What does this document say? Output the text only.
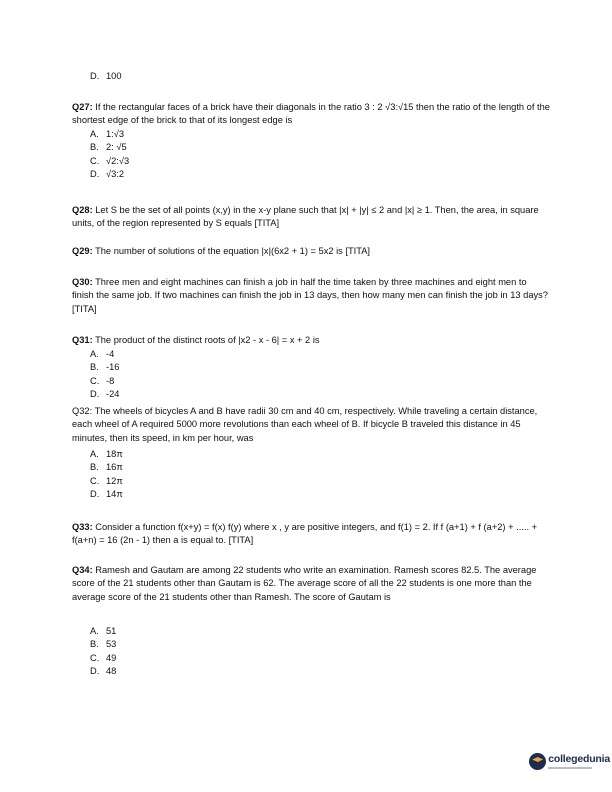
D. 100

Q27: If the rectangular faces of a brick have their diagonals in the ratio 3 : 2 √3:√15 then the ratio of the length of the shortest edge of the brick to that of its longest edge is

A. 1:√3
B. 2: √5
C. √2:√3
D. √3:2

Q28: Let S be the set of all points (x,y) in the x-y plane such that |x| + |y| ≤ 2 and |x| ≥ 1. Then, the area, in square units, of the region represented by S equals [TITA]

Q29: The number of solutions of the equation |x|(6x2 + 1) = 5x2 is [TITA]

Q30: Three men and eight machines can finish a job in half the time taken by three machines and eight men to finish the same job. If two machines can finish the job in 13 days, then how many men can finish the job in 13 days? [TITA]

Q31: The product of the distinct roots of |x2 - x - 6| = x + 2 is

A. -4
B. -16
C. -8
D. -24

Q32: The wheels of bicycles A and B have radii 30 cm and 40 cm, respectively. While traveling a certain distance, each wheel of A required 5000 more revolutions than each wheel of B. If bicycle B traveled this distance in 45 minutes, then its speed, in km per hour, was

A. 18π
B. 16π
C. 12π
D. 14π

Q33: Consider a function f(x+y) = f(x) f(y) where x , y are positive integers, and f(1) = 2. If f (a+1) + f (a+2) + ..... + f(a+n) = 16 (2n - 1) then a is equal to. [TITA]

Q34: Ramesh and Gautam are among 22 students who write an examination. Ramesh scores 82.5. The average score of the 21 students other than Gautam is 62. The average score of all the 22 students is one more than the average score of the 21 students other than Ramesh. The score of Gautam is

A. 51
B. 53
C. 49
D. 48
collegedunia
